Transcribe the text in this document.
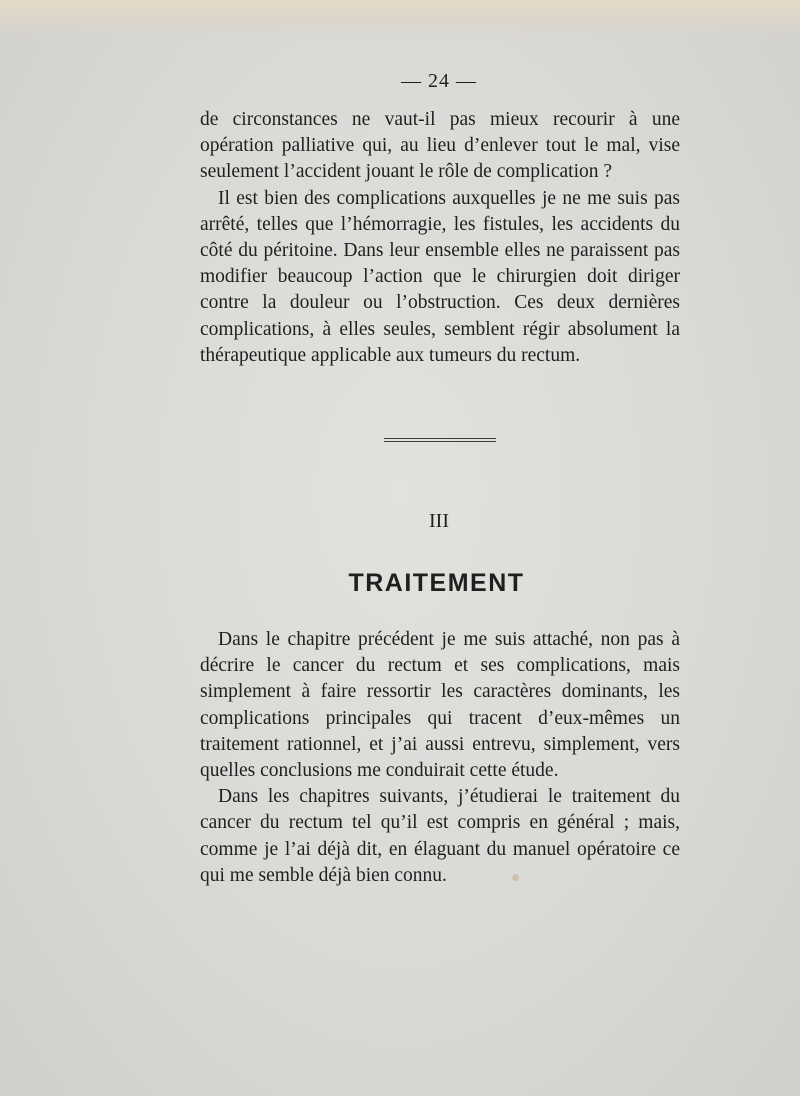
— 24 —

de circonstances ne vaut-il pas mieux recourir à une opération palliative qui, au lieu d’enlever tout le mal, vise seulement l’accident jouant le rôle de complication ?

Il est bien des complications auxquelles je ne me suis pas arrêté, telles que l’hémorragie, les fistules, les accidents du côté du péritoine. Dans leur ensemble elles ne paraissent pas modifier beaucoup l’action que le chirurgien doit diriger contre la douleur ou l’obstruction. Ces deux dernières complications, à elles seules, semblent régir absolument la thérapeutique applicable aux tumeurs du rectum.

III
TRAITEMENT

Dans le chapitre précédent je me suis attaché, non pas à décrire le cancer du rectum et ses complications, mais simplement à faire ressortir les caractères dominants, les complications principales qui tracent d’eux-mêmes un traitement rationnel, et j’ai aussi entrevu, simplement, vers quelles conclusions me conduirait cette étude.

Dans les chapitres suivants, j’étudierai le traitement du cancer du rectum tel qu’il est compris en général ; mais, comme je l’ai déjà dit, en élaguant du manuel opératoire ce qui me semble déjà bien connu.
